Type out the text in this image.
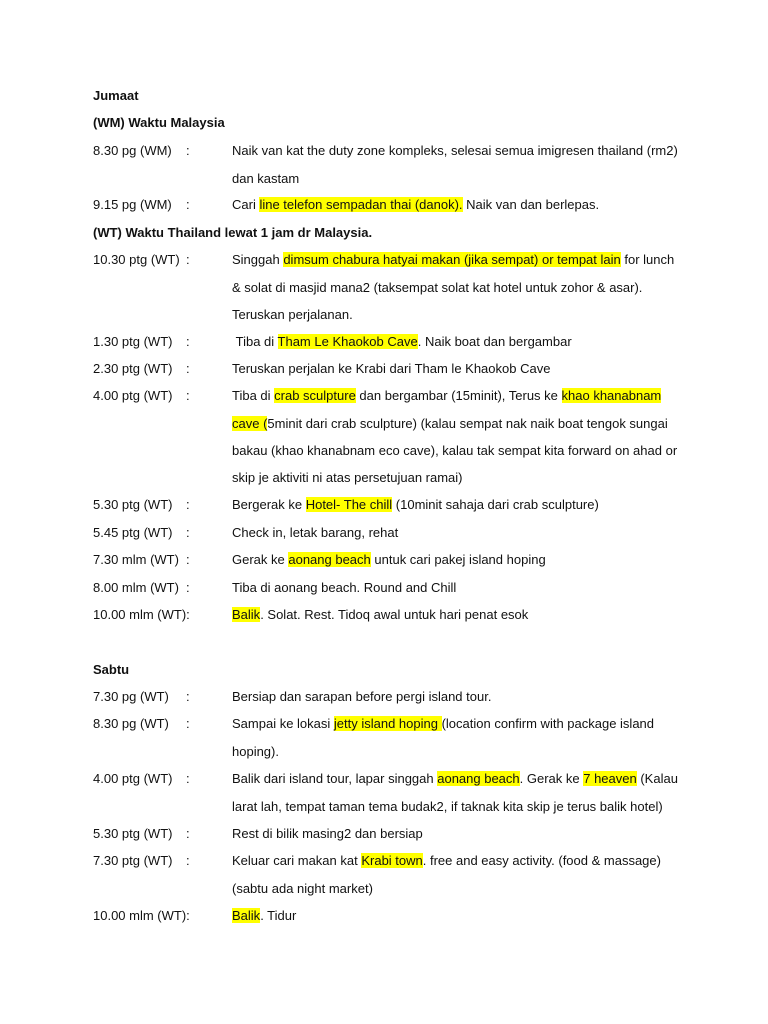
Jumaat
(WM) Waktu Malaysia
8.30 pg (WM) :	Naik van kat the duty zone kompleks, selesai semua imigresen thailand (rm2)  dan kastam
9.15 pg (WM) :	Cari line telefon sempadan thai (danok). Naik van dan berlepas.
(WT) Waktu Thailand lewat 1 jam dr Malaysia.
10.30 ptg (WT) :	Singgah dimsum chabura hatyai makan (jika sempat) or tempat lain for lunch & solat di masjid mana2 (taksempat solat kat hotel untuk zohor & asar). Teruskan perjalanan.
1.30 ptg (WT) :	Tiba di Tham Le Khaokob Cave. Naik boat dan bergambar
2.30 ptg (WT) :	Teruskan perjalan ke Krabi dari Tham le Khaokob Cave
4.00 ptg (WT) :	Tiba di crab sculpture dan bergambar (15minit), Terus ke khao khanabnam cave (5minit dari crab sculpture) (kalau sempat nak naik boat tengok sungai bakau (khao khanabnam eco cave), kalau tak sempat kita forward on ahad or skip je aktiviti ni atas persetujuan ramai)
5.30 ptg (WT) :	Bergerak ke Hotel- The chill (10minit sahaja dari crab sculpture)
5.45 ptg (WT) :	Check in, letak barang, rehat
7.30 mlm (WT) :	Gerak ke aonang beach untuk cari pakej island hoping
8.00 mlm (WT) :	Tiba di aonang beach. Round and Chill
10.00 mlm (WT):	Balik. Solat. Rest. Tidoq awal untuk hari penat esok
Sabtu
7.30 pg (WT) :	Bersiap dan sarapan before pergi island tour.
8.30 pg (WT) :	Sampai ke lokasi jetty island hoping (location confirm with package island hoping).
4.00 ptg (WT) :	Balik dari island tour, lapar singgah aonang beach. Gerak ke 7 heaven (Kalau larat lah, tempat taman tema budak2, if taknak kita skip je terus balik hotel)
5.30 ptg (WT) :	Rest di bilik masing2 dan bersiap
7.30 ptg (WT) :	Keluar cari makan kat Krabi town. free and easy activity. (food & massage) (sabtu ada night market)
10.00 mlm (WT):	Balik. Tidur
